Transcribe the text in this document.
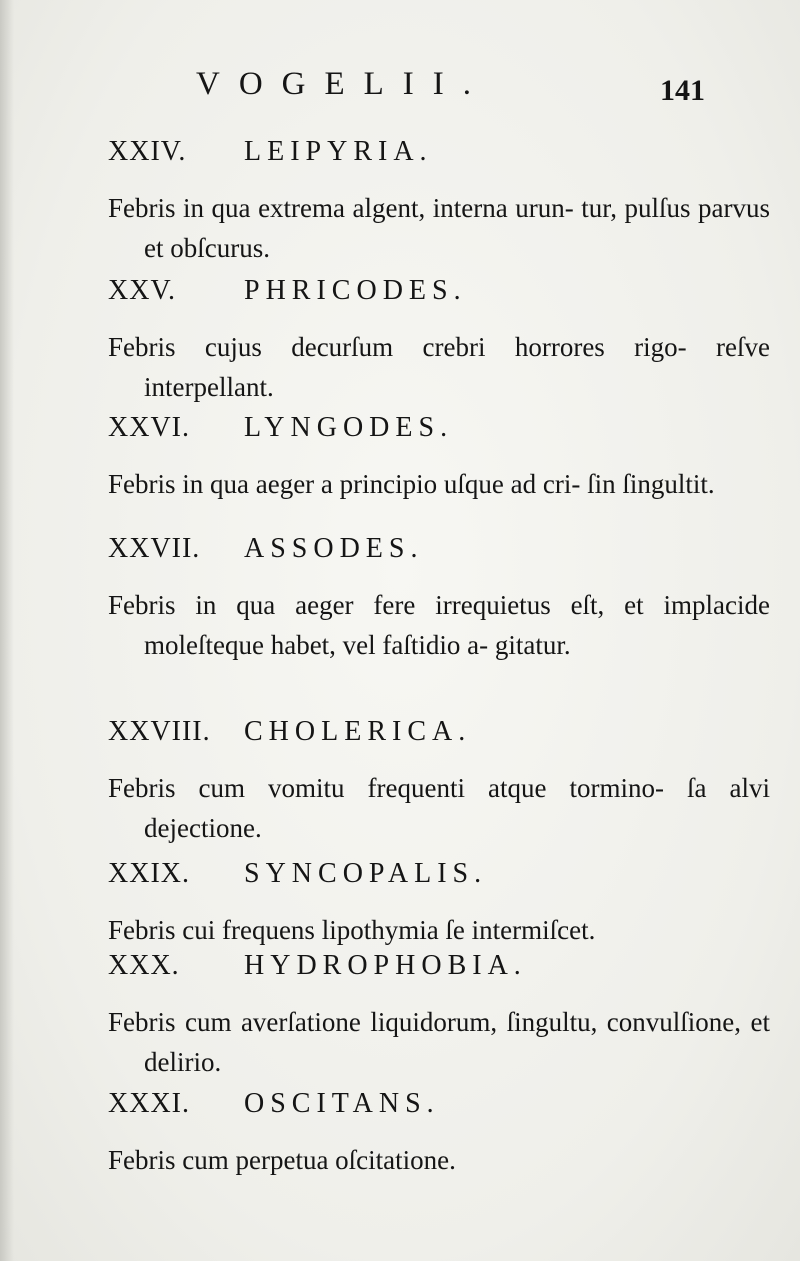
VOGELII.	141
XXIV. LEIPYRIA.
Febris in qua extrema algent, interna urun- tur, pulſus parvus et obſcurus.
XXV. PHRICODES.
Febris cujus decurſum crebri horrores rigo- reſve interpellant.
XXVI. LYNGODES.
Febris in qua aeger a principio uſque ad cri- ſin ſingultit.
XXVII. ASSODES.
Febris in qua aeger fere irrequietus eſt, et implacide moleſteque habet, vel faſtidio a- gitatur.
XXVIII. CHOLERICA.
Febris cum vomitu frequenti atque tormino- ſa alvi dejectione.
XXIX. SYNCOPALIS.
Febris cui frequens lipothymia ſe intermiſcet.
XXX. HYDROPHOBIA.
Febris cum averſatione liquidorum, ſingultu, convulſione, et delirio.
XXXI. OSCITANS.
Febris cum perpetua oſcitatione.
